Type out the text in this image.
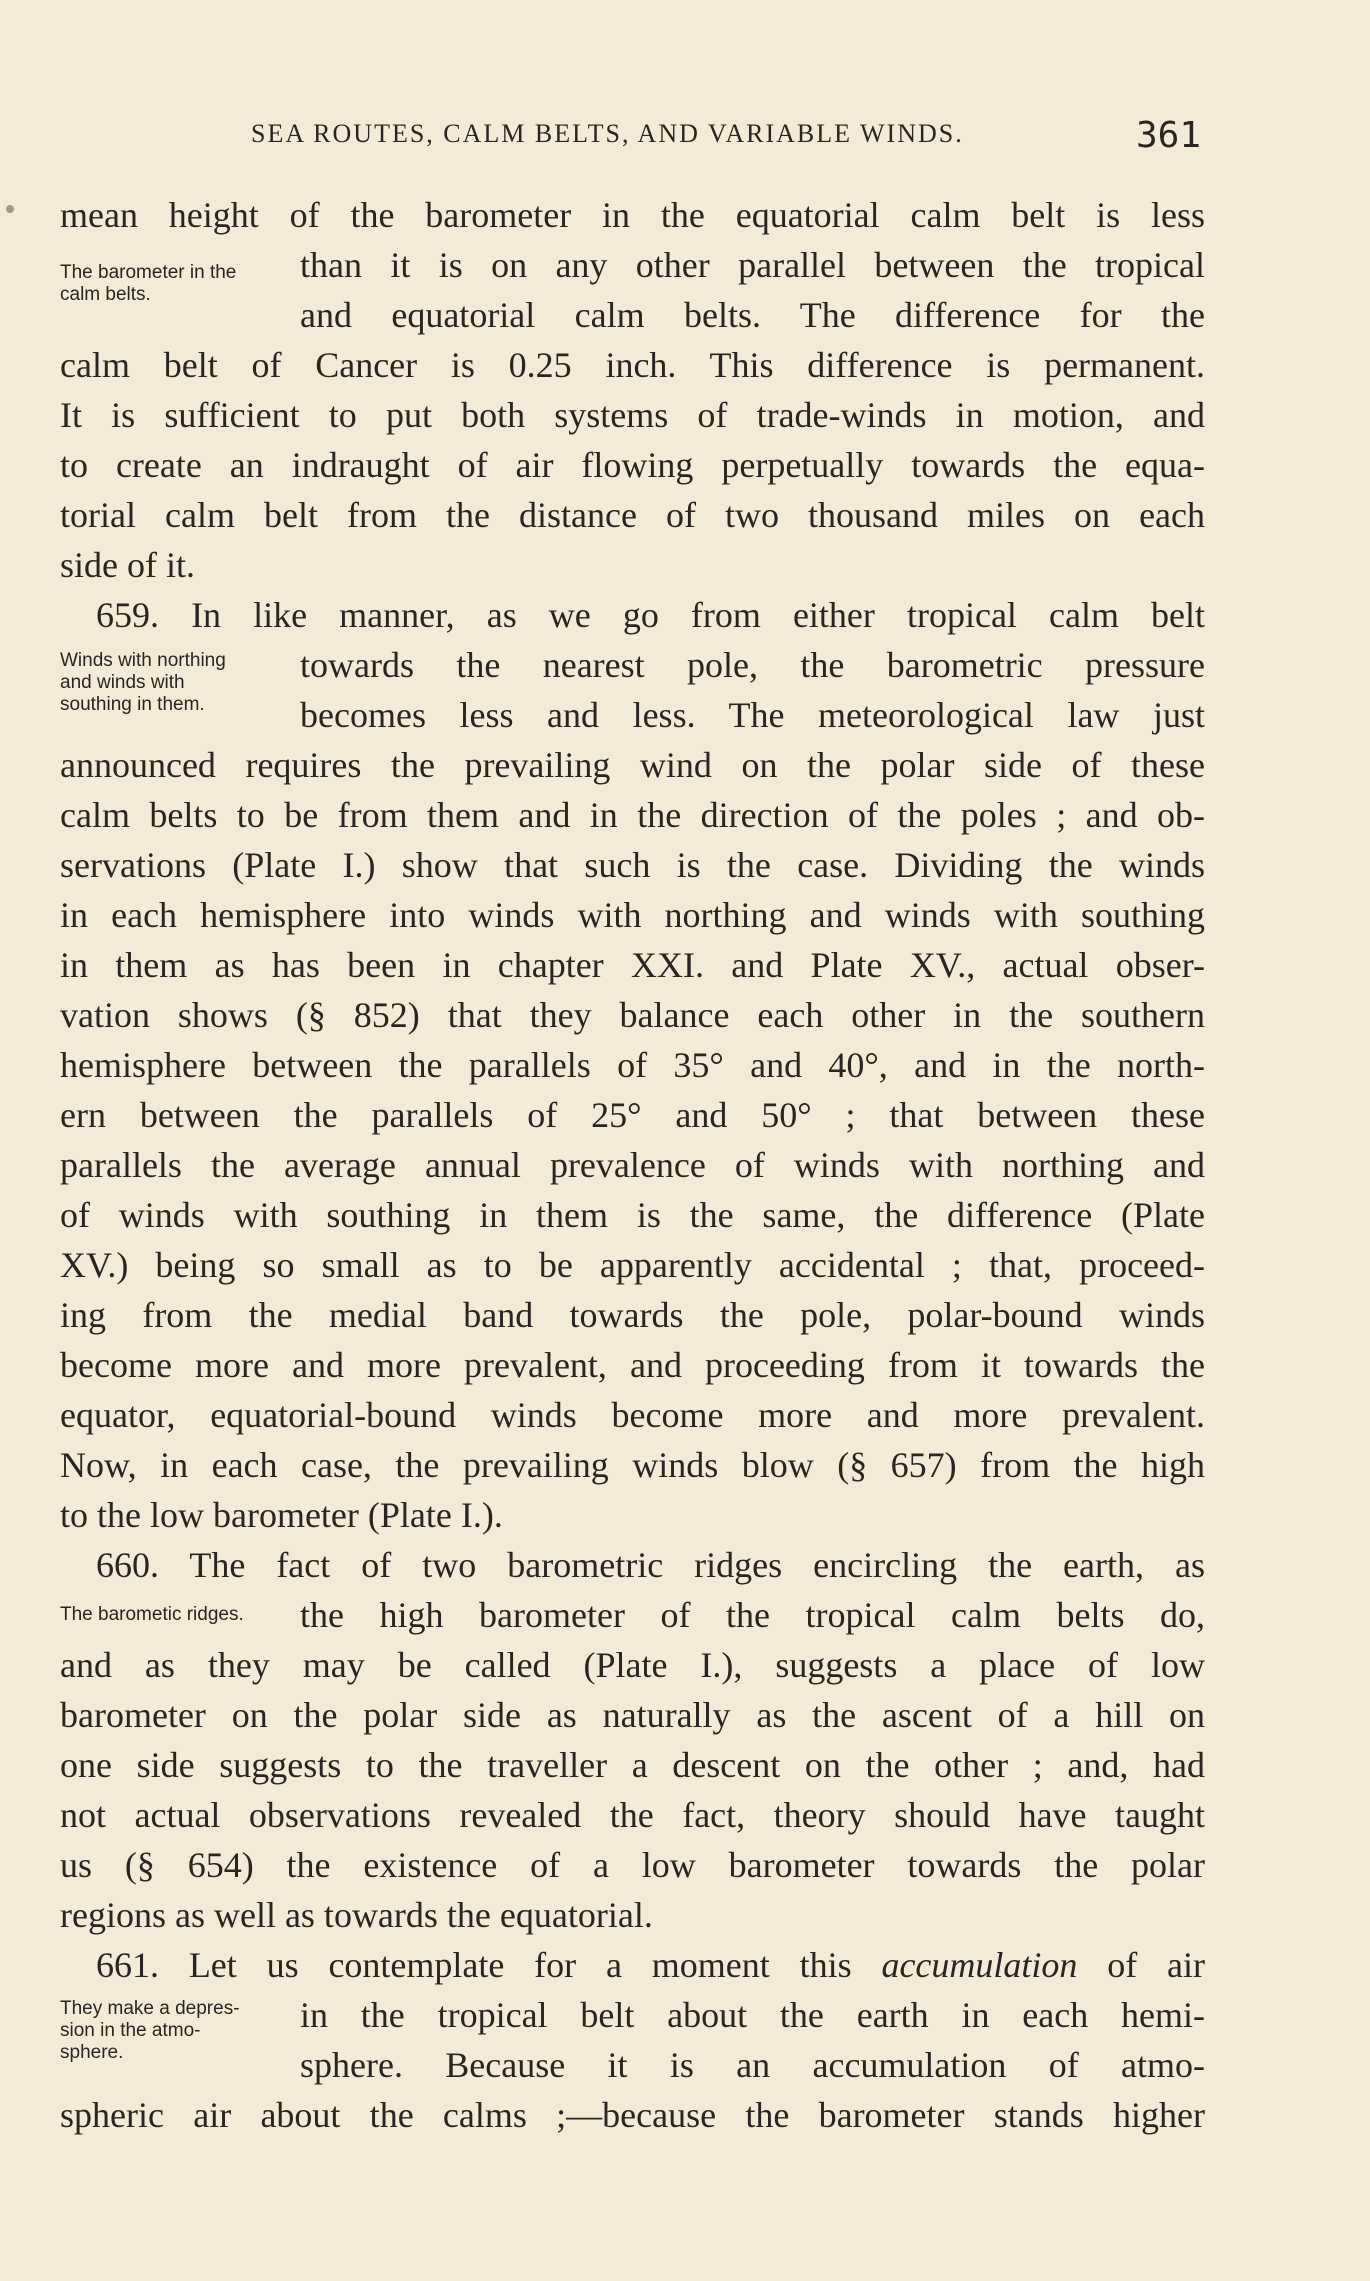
SEA ROUTES, CALM BELTS, AND VARIABLE WINDS.	361
mean height of the barometer in the equatorial calm belt is less
The barometer in the
calm belts.
than it is on any other parallel between the tropical
and equatorial calm belts. The difference for the
calm belt of Cancer is 0.25 inch. This difference is permanent.
It is sufficient to put both systems of trade-winds in motion, and
to create an indraught of air flowing perpetually towards the equa-
torial calm belt from the distance of two thousand miles on each
side of it.
659. In like manner, as we go from either tropical calm belt
Winds with northing
and winds with
southing in them.
towards the nearest pole, the barometric pressure
becomes less and less. The meteorological law just
announced requires the prevailing wind on the polar side of these
calm belts to be from them and in the direction of the poles ; and ob-
servations (Plate I.) show that such is the case. Dividing the winds
in each hemisphere into winds with northing and winds with southing
in them as has been in chapter XXI. and Plate XV., actual obser-
vation shows (§ 852) that they balance each other in the southern
hemisphere between the parallels of 35° and 40°, and in the north-
ern between the parallels of 25° and 50° ; that between these
parallels the average annual prevalence of winds with northing and
of winds with southing in them is the same, the difference (Plate
XV.) being so small as to be apparently accidental ; that, proceed-
ing from the medial band towards the pole, polar-bound winds
become more and more prevalent, and proceeding from it towards the
equator, equatorial-bound winds become more and more prevalent.
Now, in each case, the prevailing winds blow (§ 657) from the high
to the low barometer (Plate I.).
660. The fact of two barometric ridges encircling the earth, as
The barometic ridges. the high barometer of the tropical calm belts do,
and as they may be called (Plate I.), suggests a place of low
barometer on the polar side as naturally as the ascent of a hill on
one side suggests to the traveller a descent on the other ; and, had
not actual observations revealed the fact, theory should have taught
us (§ 654) the existence of a low barometer towards the polar
regions as well as towards the equatorial.
661. Let us contemplate for a moment this accumulation of air
They make a depres-
sion in the atmo-
sphere.
in the tropical belt about the earth in each hemi-
sphere. Because it is an accumulation of atmo-
spheric air about the calms ;—because the barometer stands higher
